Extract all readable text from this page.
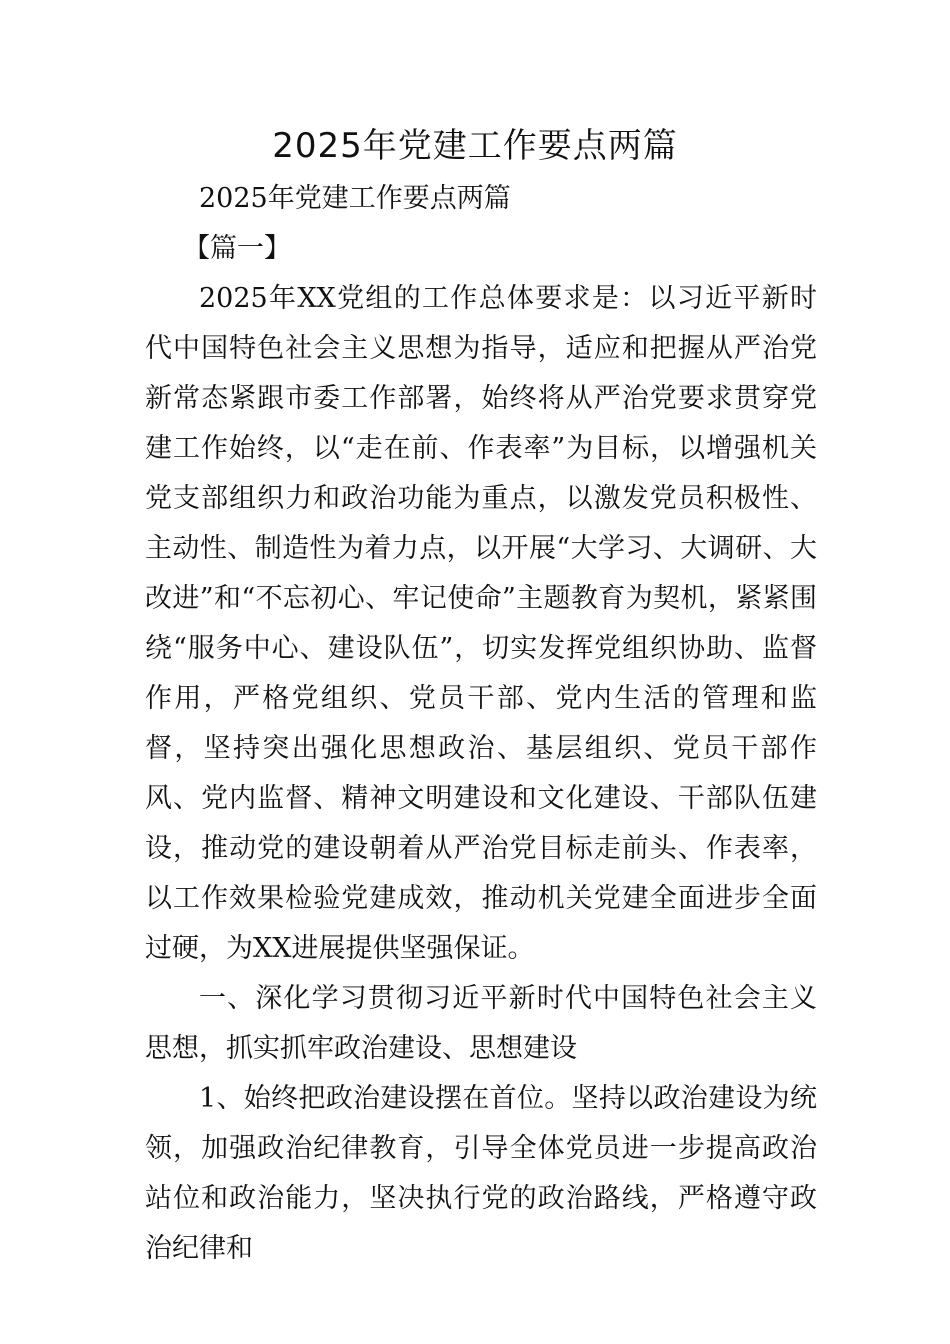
2025年党建工作要点两篇

2025年党建工作要点两篇

【篇一】

2025年XX党组的工作总体要求是：以习近平新时代中国特色社会主义思想为指导，适应和把握从严治党新常态紧跟市委工作部署，始终将从严治党要求贯穿党建工作始终，以“走在前、作表率”为目标，以增强机关党支部组织力和政治功能为重点，以激发党员积极性、主动性、制造性为着力点，以开展“大学习、大调研、大改进”和“不忘初心、牢记使命”主题教育为契机，紧紧围绕“服务中心、建设队伍”，切实发挥党组织协助、监督作用，严格党组织、党员干部、党内生活的管理和监督，坚持突出强化思想政治、基层组织、党员干部作风、党内监督、精神文明建设和文化建设、干部队伍建设，推动党的建设朝着从严治党目标走前头、作表率，以工作效果检验党建成效，推动机关党建全面进步全面过硬，为XX进展提供坚强保证。

一、深化学习贯彻习近平新时代中国特色社会主义思想，抓实抓牢政治建设、思想建设

1、始终把政治建设摆在首位。坚持以政治建设为统领，加强政治纪律教育，引导全体党员进一步提高政治站位和政治能力，坚决执行党的政治路线，严格遵守政治纪律和
